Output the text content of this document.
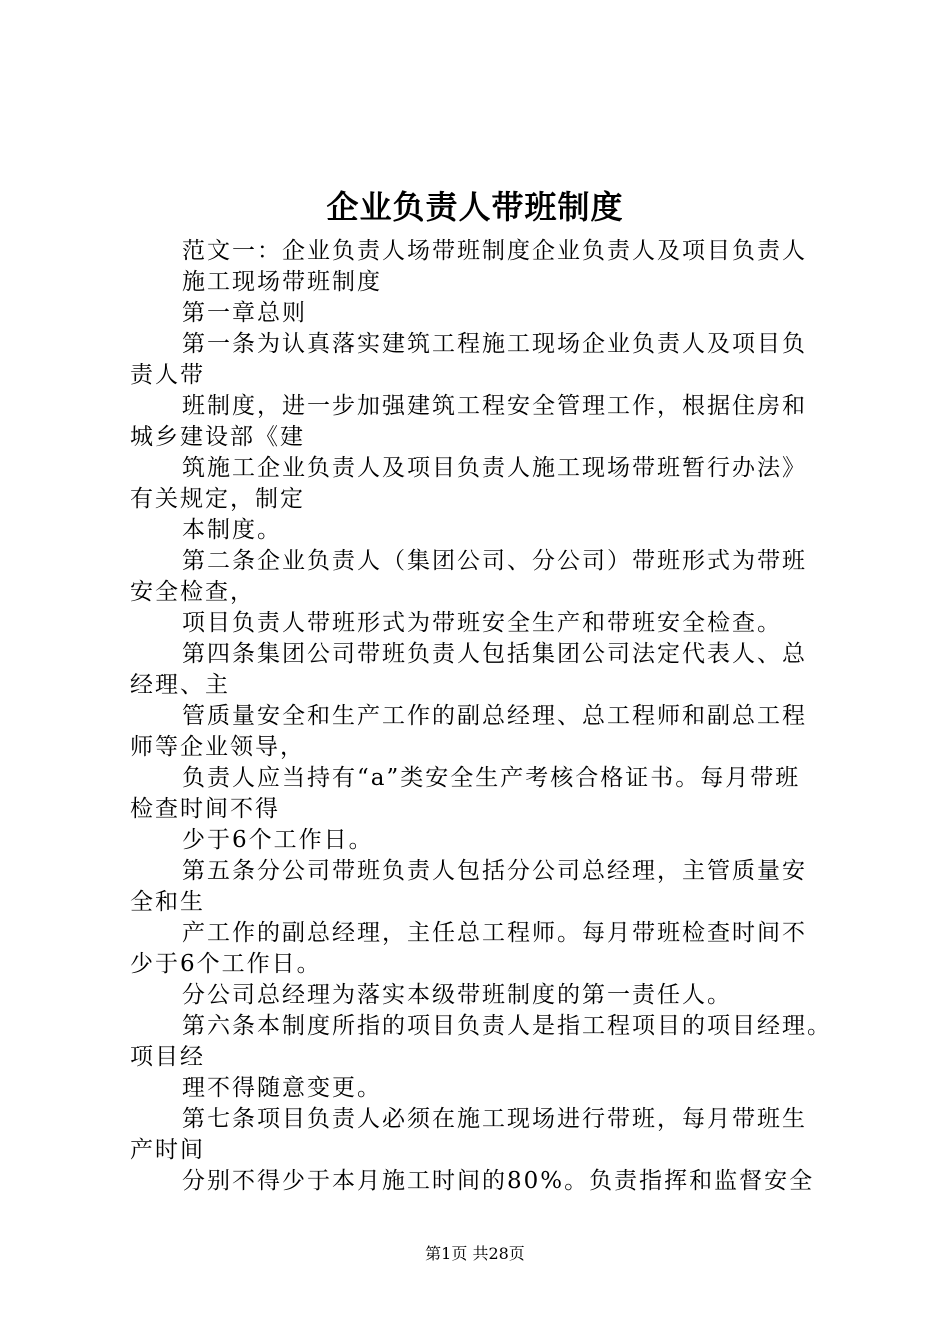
企业负责人带班制度
范文一：企业负责人场带班制度企业负责人及项目负责人
施工现场带班制度
第一章总则
第一条为认真落实建筑工程施工现场企业负责人及项目负
责人带
班制度，进一步加强建筑工程安全管理工作，根据住房和
城乡建设部《建
筑施工企业负责人及项目负责人施工现场带班暂行办法》
有关规定，制定
本制度。
第二条企业负责人（集团公司、分公司）带班形式为带班
安全检查，
项目负责人带班形式为带班安全生产和带班安全检查。
第四条集团公司带班负责人包括集团公司法定代表人、总
经理、主
管质量安全和生产工作的副总经理、总工程师和副总工程
师等企业领导，
负责人应当持有“a”类安全生产考核合格证书。每月带班
检查时间不得
少于6个工作日。
第五条分公司带班负责人包括分公司总经理，主管质量安
全和生
产工作的副总经理，主任总工程师。每月带班检查时间不
少于6个工作日。
分公司总经理为落实本级带班制度的第一责任人。
第六条本制度所指的项目负责人是指工程项目的项目经理。
项目经
理不得随意变更。
第七条项目负责人必须在施工现场进行带班，每月带班生
产时间
分别不得少于本月施工时间的80%。负责指挥和监督安全
第1页 共28页
